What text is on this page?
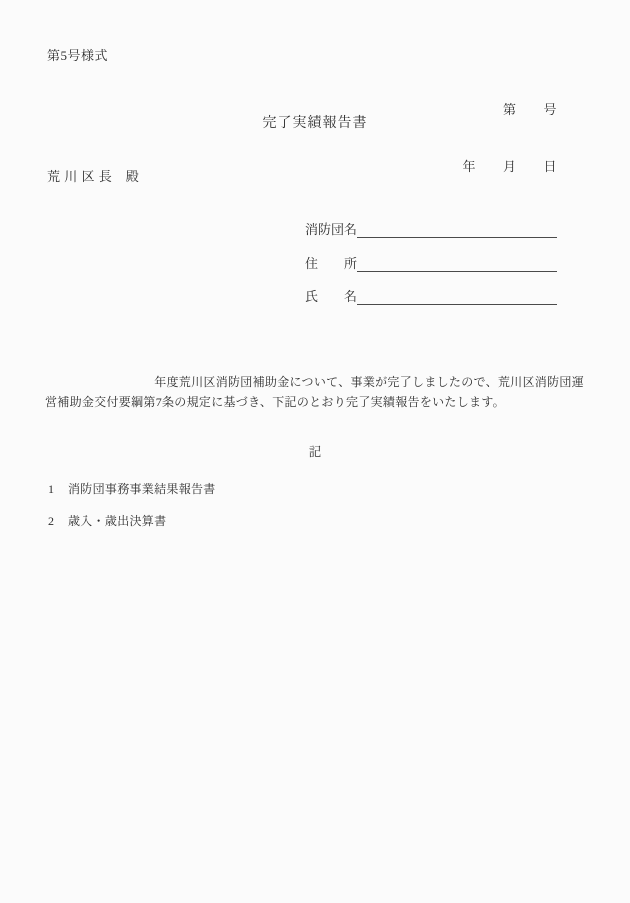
第5号様式

第　　号

年　　月　　日

完了実績報告書
荒 川 区 長　殿
消防団名
住　　所
氏　　名
　　　　年度荒川区消防団補助金について、事業が完了しましたので、荒川区消防団運営補助金交付要綱第7条の規定に基づき、下記のとおり完了実績報告をいたします。
記
1	消防団事務事業結果報告書
2	歳入・歳出決算書
